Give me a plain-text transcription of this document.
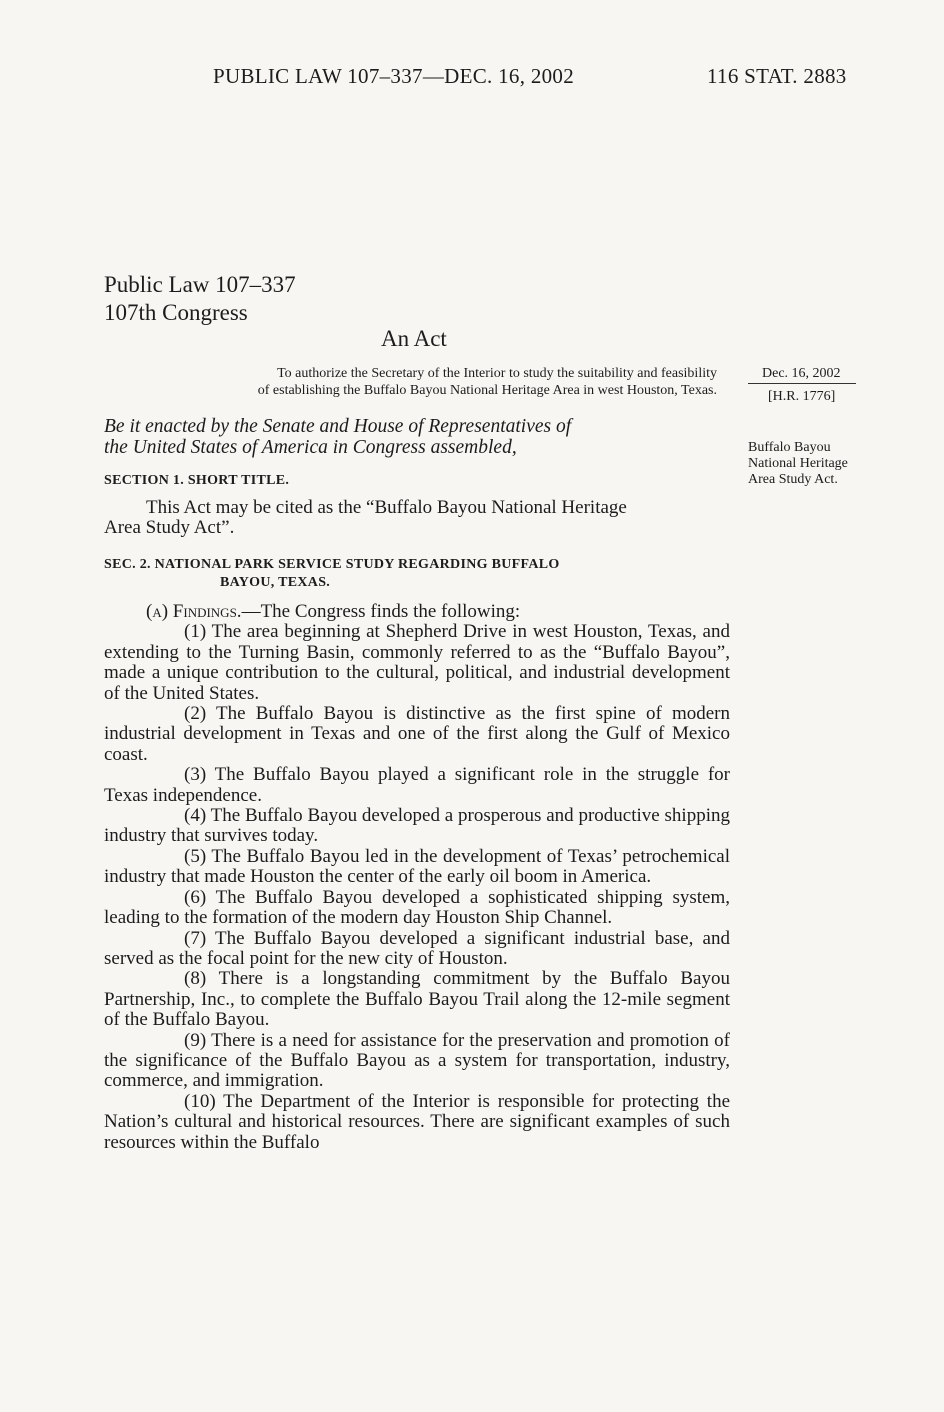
PUBLIC LAW 107–337—DEC. 16, 2002	116 STAT. 2883
Public Law 107–337
107th Congress
An Act
To authorize the Secretary of the Interior to study the suitability and feasibility
of establishing the Buffalo Bayou National Heritage Area in west Houston, Texas.
Dec. 16, 2002
[H.R. 1776]
Buffalo Bayou National Heritage Area Study Act.
Be it enacted by the Senate and House of Representatives of
the United States of America in Congress assembled,
SECTION 1. SHORT TITLE.
This Act may be cited as the “Buffalo Bayou National Heritage
Area Study Act”.
SEC. 2. NATIONAL PARK SERVICE STUDY REGARDING BUFFALO
BAYOU, TEXAS.

(a) Findings.—The Congress finds the following:

(1) The area beginning at Shepherd Drive in west Houston, Texas, and extending to the Turning Basin, commonly referred to as the “Buffalo Bayou”, made a unique contribution to the cultural, political, and industrial development of the United States.

(2) The Buffalo Bayou is distinctive as the first spine of modern industrial development in Texas and one of the first along the Gulf of Mexico coast.

(3) The Buffalo Bayou played a significant role in the struggle for Texas independence.

(4) The Buffalo Bayou developed a prosperous and productive shipping industry that survives today.

(5) The Buffalo Bayou led in the development of Texas’ petrochemical industry that made Houston the center of the early oil boom in America.

(6) The Buffalo Bayou developed a sophisticated shipping system, leading to the formation of the modern day Houston Ship Channel.

(7) The Buffalo Bayou developed a significant industrial base, and served as the focal point for the new city of Houston.

(8) There is a longstanding commitment by the Buffalo Bayou Partnership, Inc., to complete the Buffalo Bayou Trail along the 12-mile segment of the Buffalo Bayou.

(9) There is a need for assistance for the preservation and promotion of the significance of the Buffalo Bayou as a system for transportation, industry, commerce, and immigration.

(10) The Department of the Interior is responsible for protecting the Nation’s cultural and historical resources. There are significant examples of such resources within the Buffalo
